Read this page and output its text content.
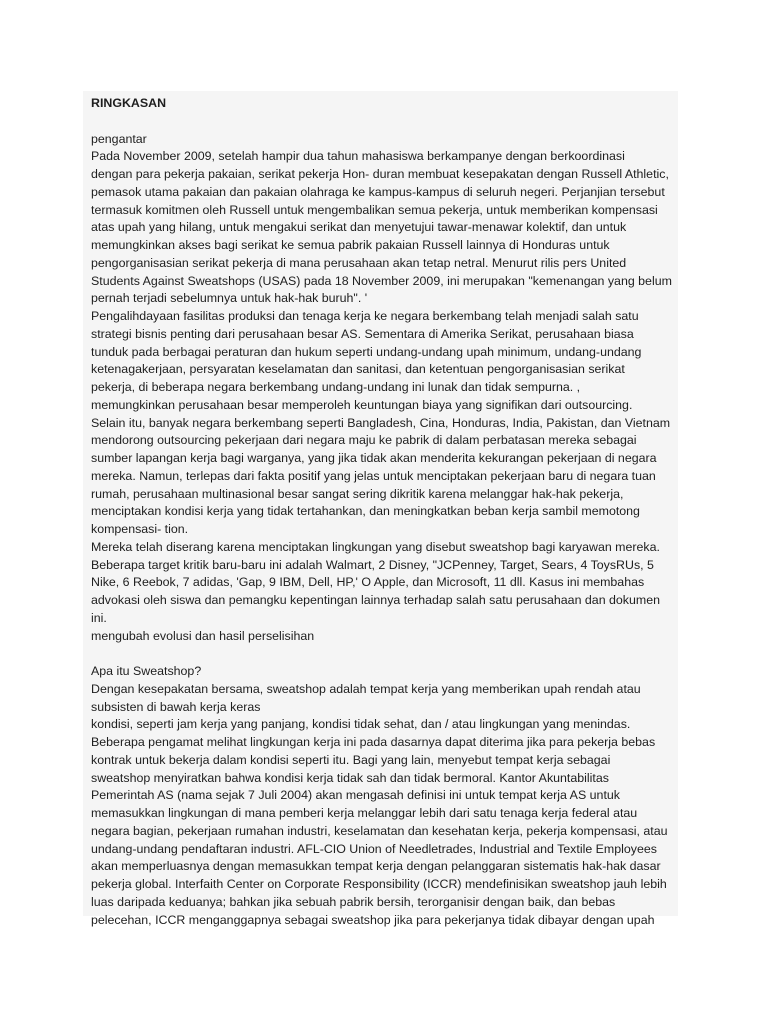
RINGKASAN
pengantar
Pada November 2009, setelah hampir dua tahun mahasiswa berkampanye dengan berkoordinasi
dengan para pekerja pakaian, serikat pekerja Hon- duran membuat kesepakatan dengan Russell Athletic,
pemasok utama pakaian dan pakaian olahraga ke kampus-kampus di seluruh negeri. Perjanjian tersebut
termasuk komitmen oleh Russell untuk mengembalikan semua pekerja, untuk memberikan kompensasi
atas upah yang hilang, untuk mengakui serikat dan menyetujui tawar-menawar kolektif, dan untuk
memungkinkan akses bagi serikat ke semua pabrik pakaian Russell lainnya di Honduras untuk
pengorganisasian serikat pekerja di mana perusahaan akan tetap netral. Menurut rilis pers United
Students Against Sweatshops (USAS) pada 18 November 2009, ini merupakan "kemenangan yang belum
pernah terjadi sebelumnya untuk hak-hak buruh". '
Pengalihdayaan fasilitas produksi dan tenaga kerja ke negara berkembang telah menjadi salah satu
strategi bisnis penting dari perusahaan besar AS. Sementara di Amerika Serikat, perusahaan biasa
tunduk pada berbagai peraturan dan hukum seperti undang-undang upah minimum, undang-undang
ketenagakerjaan, persyaratan keselamatan dan sanitasi, dan ketentuan pengorganisasian serikat
pekerja, di beberapa negara berkembang undang-undang ini lunak dan tidak sempurna. ,
memungkinkan perusahaan besar memperoleh keuntungan biaya yang signifikan dari outsourcing.
Selain itu, banyak negara berkembang seperti Bangladesh, Cina, Honduras, India, Pakistan, dan Vietnam
mendorong outsourcing pekerjaan dari negara maju ke pabrik di dalam perbatasan mereka sebagai
sumber lapangan kerja bagi warganya, yang jika tidak akan menderita kekurangan pekerjaan di negara
mereka. Namun, terlepas dari fakta positif yang jelas untuk menciptakan pekerjaan baru di negara tuan
rumah, perusahaan multinasional besar sangat sering dikritik karena melanggar hak-hak pekerja,
menciptakan kondisi kerja yang tidak tertahankan, dan meningkatkan beban kerja sambil memotong
kompensasi- tion.
Mereka telah diserang karena menciptakan lingkungan yang disebut sweatshop bagi karyawan mereka.
Beberapa target kritik baru-baru ini adalah Walmart, 2 Disney, "JCPenney, Target, Sears, 4 ToysRUs, 5
Nike, 6 Reebok, 7 adidas, 'Gap, 9 IBM, Dell, HP,' O Apple, dan Microsoft, 11 dll. Kasus ini membahas
advokasi oleh siswa dan pemangku kepentingan lainnya terhadap salah satu perusahaan dan dokumen
ini.
mengubah evolusi dan hasil perselisihan
Apa itu Sweatshop?
Dengan kesepakatan bersama, sweatshop adalah tempat kerja yang memberikan upah rendah atau
subsisten di bawah kerja keras
kondisi, seperti jam kerja yang panjang, kondisi tidak sehat, dan / atau lingkungan yang menindas.
Beberapa pengamat melihat lingkungan kerja ini pada dasarnya dapat diterima jika para pekerja bebas
kontrak untuk bekerja dalam kondisi seperti itu. Bagi yang lain, menyebut tempat kerja sebagai
sweatshop menyiratkan bahwa kondisi kerja tidak sah dan tidak bermoral. Kantor Akuntabilitas
Pemerintah AS (nama sejak 7 Juli 2004) akan mengasah definisi ini untuk tempat kerja AS untuk
memasukkan lingkungan di mana pemberi kerja melanggar lebih dari satu tenaga kerja federal atau
negara bagian, pekerjaan rumahan industri, keselamatan dan kesehatan kerja, pekerja kompensasi, atau
undang-undang pendaftaran industri. AFL-CIO Union of Needletrades, Industrial and Textile Employees
akan memperluasnya dengan memasukkan tempat kerja dengan pelanggaran sistematis hak-hak dasar
pekerja global. Interfaith Center on Corporate Responsibility (ICCR) mendefinisikan sweatshop jauh lebih
luas daripada keduanya; bahkan jika sebuah pabrik bersih, terorganisir dengan baik, dan bebas
pelecehan, ICCR menganggapnya sebagai sweatshop jika para pekerjanya tidak dibayar dengan upah
